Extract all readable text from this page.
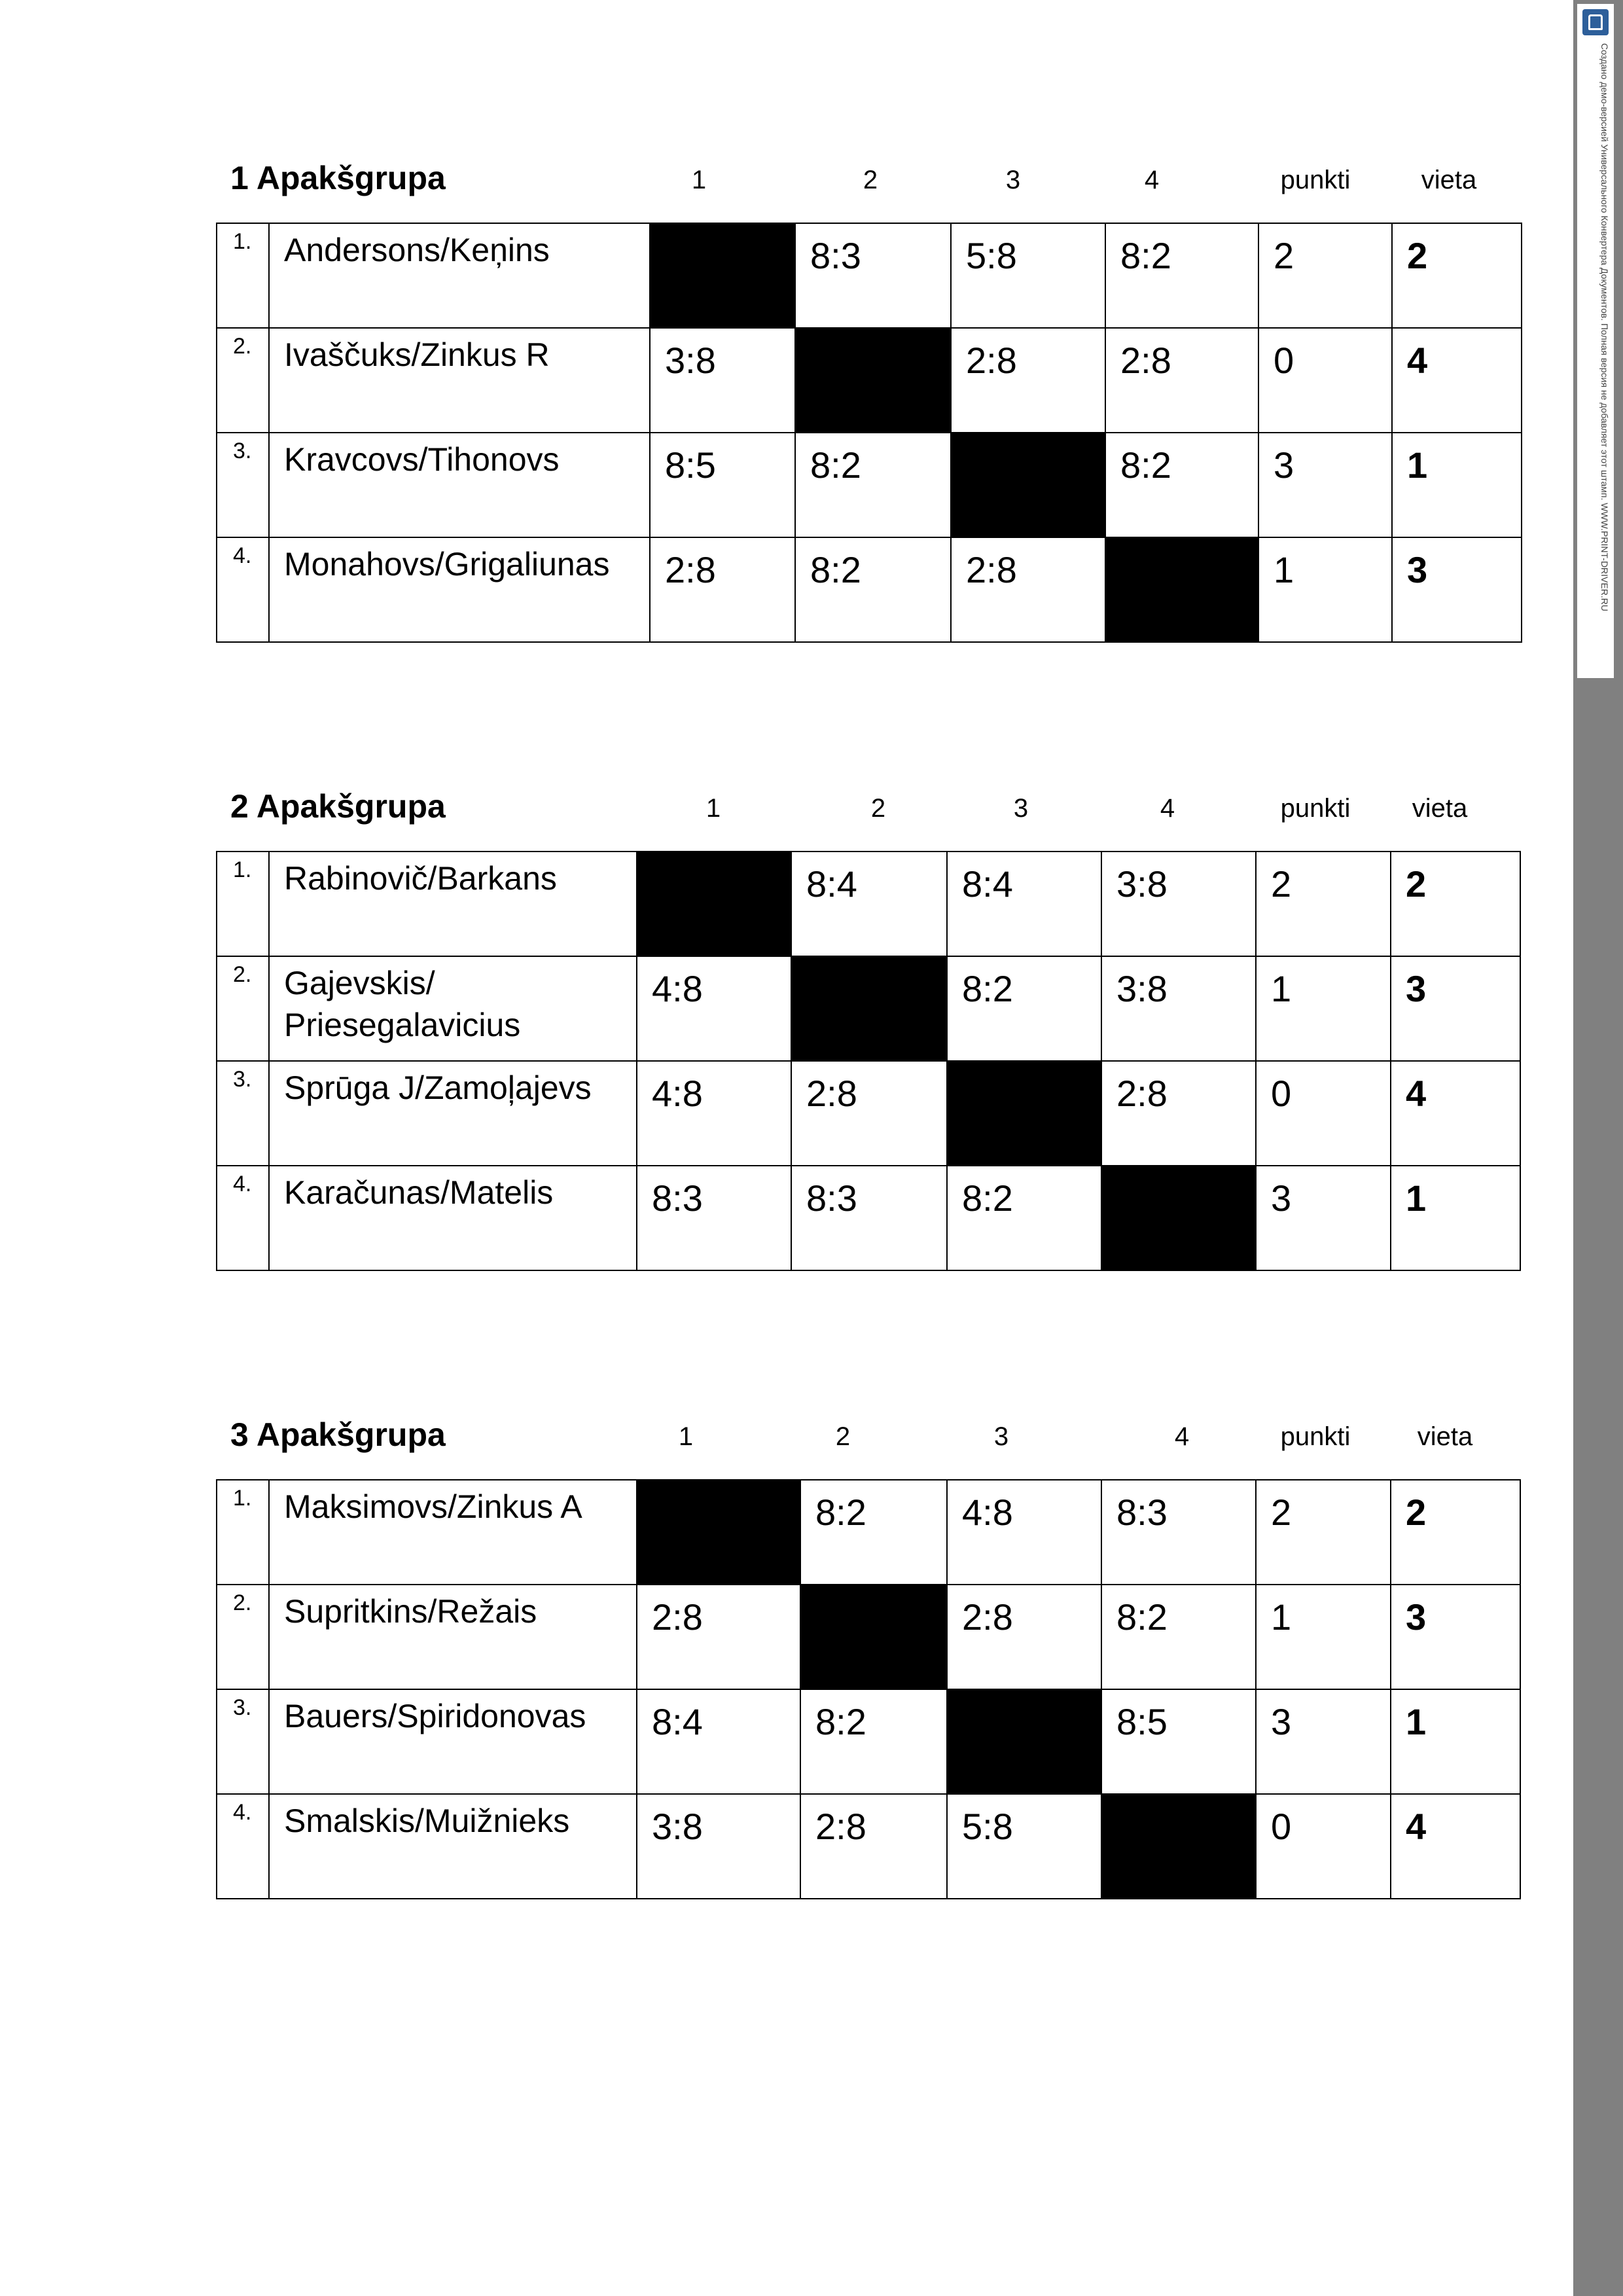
1 Apakšgrupa	1	2	3	4	punkti	vieta
1.	Andersons/Keņins		8:3	5:8	8:2	2	2
2.	Ivaščuks/Zinkus R	3:8		2:8	2:8	0	4
3.	Kravcovs/Tihonovs	8:5	8:2		8:2	3	1
4.	Monahovs/Grigaliunas	2:8	8:2	2:8		1	3
2 Apakšgrupa	1	2	3	4	punkti	vieta
1.	Rabinovič/Barkans		8:4	8:4	3:8	2	2
2.	Gajevskis/ Priesegalavicius	4:8		8:2	3:8	1	3
3.	Sprūga J/Zamoļajevs	4:8	2:8		2:8	0	4
4.	Karačunas/Matelis	8:3	8:3	8:2		3	1
3 Apakšgrupa	1	2	3	4	punkti	vieta
1.	Maksimovs/Zinkus A		8:2	4:8	8:3	2	2
2.	Supritkins/Režais	2:8		2:8	8:2	1	3
3.	Bauers/Spiridonovas	8:4	8:2		8:5	3	1
4.	Smalskis/Muižnieks	3:8	2:8	5:8		0	4
Создано демо-версией Универсального Конвертера Документов. Полная версия не добавляет этот штамп. WWW.PRINT-DRIVER.RU
